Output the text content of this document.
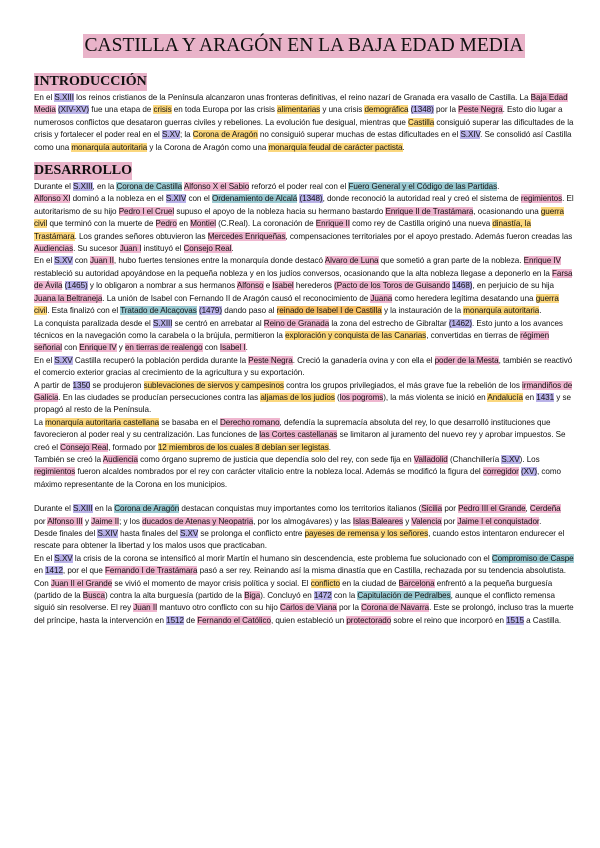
CASTILLA Y ARAGÓN EN LA BAJA EDAD MEDIA
INTRODUCCIÓN

En el S.XIII los reinos cristianos de la Península alcanzaron unas fronteras definitivas, el reino nazarí de Granada era vasallo de Castilla. La Baja Edad Media (XIV-XV) fue una etapa de crisis en toda Europa por las crisis alimentarias y una crisis demográfica (1348) por la Peste Negra. Esto dio lugar a numerosos conflictos que desataron guerras civiles y rebeliones. La evolución fue desigual, mientras que Castilla consiguió superar las dificultades de la crisis y fortalecer el poder real en el S.XV; la Corona de Aragón no consiguió superar muchas de estas dificultades en el S.XIV. Se consolidó así Castilla como una monarquía autoritaria y la Corona de Aragón como una monarquía feudal de carácter pactista.

DESARROLLO

Durante el S.XIII, en la Corona de Castilla Alfonso X el Sabio reforzó el poder real con el Fuero General y el Código de las Partidas.
Alfonso XI dominó a la nobleza en el S.XIV con el Ordenamiento de Alcalá (1348), donde reconoció la autoridad real y creó el sistema de regimientos. El autoritarismo de su hijo Pedro I el Cruel supuso el apoyo de la nobleza hacia su hermano bastardo Enrique II de Trastámara, ocasionando una guerra civil que terminó con la muerte de Pedro en Montiel (C.Real). La coronación de Enrique II como rey de Castilla originó una nueva dinastía, la Trastámara. Los grandes señores obtuvieron las Mercedes Enriqueñas, compensaciones territoriales por el apoyo prestado. Además fueron creadas las Audiencias. Su sucesor Juan I instituyó el Consejo Real.
En el S.XV con Juan II, hubo fuertes tensiones entre la monarquía donde destacó Alvaro de Luna que sometió a gran parte de la nobleza. Enrique IV restableció su autoridad apoyándose en la pequeña nobleza y en los judíos conversos, ocasionando que la alta nobleza llegase a deponerlo en la Farsa de Ávila (1465) y lo obligaron a nombrar a sus hermanos Alfonso e Isabel herederos (Pacto de los Toros de Guisando 1468), en perjuicio de su hija Juana la Beltraneja. La unión de Isabel con Fernando II de Aragón causó el reconocimiento de Juana como heredera legítima desatando una guerra civil. Esta finalizó con el Tratado de Alcaçovas (1479) dando paso al reinado de Isabel I de Castilla y la instauración de la monarquía autoritaria.
La conquista paralizada desde el S.XIII se centró en arrebatar al Reino de Granada la zona del estrecho de Gibraltar (1462). Esto junto a los avances técnicos en la navegación como la carabela o la brújula, permitieron la exploración y conquista de las Canarias, convertidas en tierras de régimen señorial con Enrique IV y en tierras de realengo con Isabel I.
En el S.XV Castilla recuperó la población perdida durante la Peste Negra. Creció la ganadería ovina y con ella el poder de la Mesta, también se reactivó el comercio exterior gracias al crecimiento de la agricultura y su exportación.
A partir de 1350 se produjeron sublevaciones de siervos y campesinos contra los grupos privilegiados, el más grave fue la rebelión de los irmandiños de Galicia. En las ciudades se producían persecuciones contra las aljamas de los judíos (los pogroms), la más violenta se inició en Andalucía en 1431 y se propagó al resto de la Península.
La monarquía autoritaria castellana se basaba en el Derecho romano, defendía la supremacía absoluta del rey, lo que desarrolló instituciones que favorecieron al poder real y su centralización. Las funciones de las Cortes castellanas se limitaron al juramento del nuevo rey y aprobar impuestos. Se creó el Consejo Real, formado por 12 miembros de los cuales 8 debían ser legistas.
También se creó la Audiencia como órgano supremo de justicia que dependía solo del rey, con sede fija en Valladolid (Chanchillería S.XV). Los regimientos fueron alcaldes nombrados por el rey con carácter vitalicio entre la nobleza local. Además se modificó la figura del corregidor (XV), como máximo representante de la Corona en los municipios.

Durante el S.XIII en la Corona de Aragón destacan conquistas muy importantes como los territorios italianos (Sicilia por Pedro III el Grande, Cerdeña por Alfonso III y Jaime II; y los ducados de Atenas y Neopatria, por los almogávares) y las Islas Baleares y Valencia por Jaime I el conquistador.
Desde finales del S.XIV hasta finales del S.XV se prolonga el conflicto entre payeses de remensa y los señores, cuando estos intentaron endurecer el rescate para obtener la libertad y los malos usos que practicaban.
En el S.XV la crisis de la corona se intensificó al morir Martín el humano sin descendencia, este problema fue solucionado con el Compromiso de Caspe en 1412, por el que Fernando I de Trastámara pasó a ser rey. Reinando así la misma dinastía que en Castilla, rechazada por su tendencia absolutista.
Con Juan II el Grande se vivió el momento de mayor crisis política y social. El conflicto en la ciudad de Barcelona enfrentó a la pequeña burguesía (partido de la Busca) contra la alta burguesía (partido de la Biga). Concluyó en 1472 con la Capitulación de Pedralbes, aunque el conflicto remensa siguió sin resolverse. El rey Juan II mantuvo otro conflicto con su hijo Carlos de Viana por la Corona de Navarra. Este se prolongó, incluso tras la muerte del príncipe, hasta la intervención en 1512 de Fernando el Católico, quien estableció un protectorado sobre el reino que incorporó en 1515 a Castilla.
